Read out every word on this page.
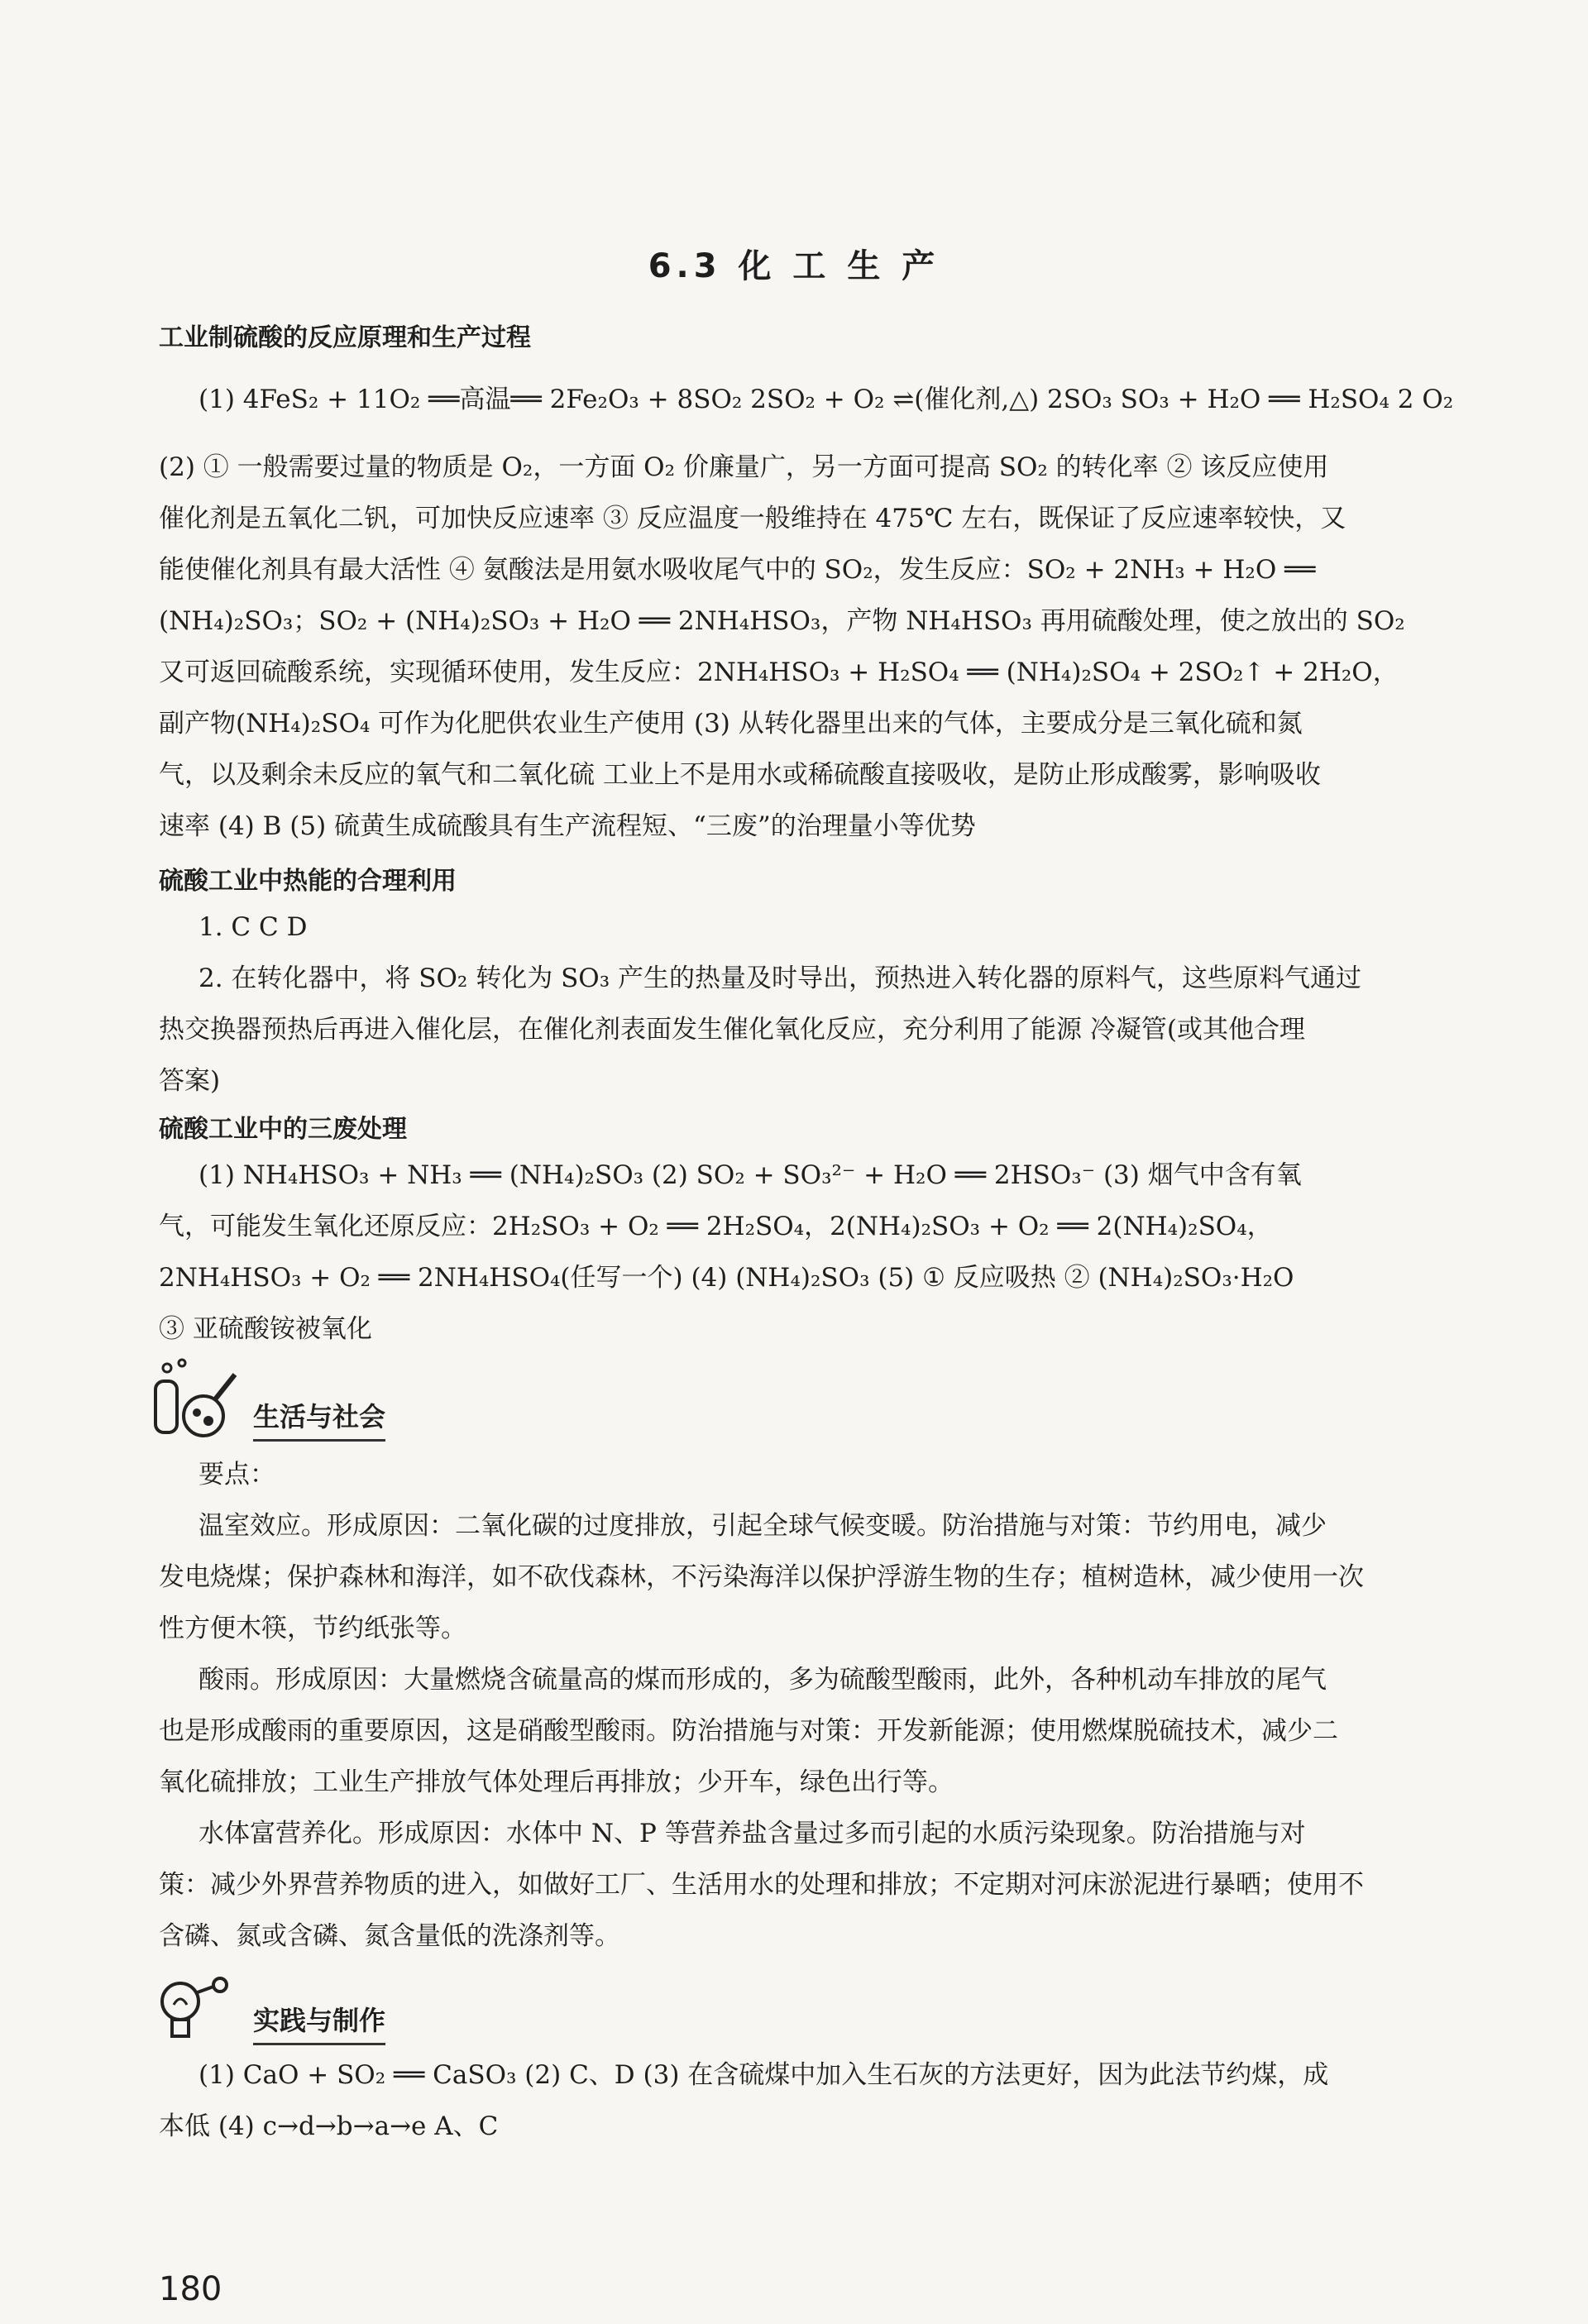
6.3 化 工 生 产
工业制硫酸的反应原理和生产过程
(1) 4FeS₂ + 11O₂ ══高温══ 2Fe₂O₃ + 8SO₂ 2SO₂ + O₂ ⇌(催化剂,△) 2SO₃ SO₃ + H₂O ══ H₂SO₄ 2 O₂
(2) ① 一般需要过量的物质是 O₂，一方面 O₂ 价廉量广，另一方面可提高 SO₂ 的转化率 ② 该反应使用
催化剂是五氧化二钒，可加快反应速率 ③ 反应温度一般维持在 475℃ 左右，既保证了反应速率较快，又
能使催化剂具有最大活性 ④ 氨酸法是用氨水吸收尾气中的 SO₂，发生反应：SO₂ + 2NH₃ + H₂O ══
(NH₄)₂SO₃；SO₂ + (NH₄)₂SO₃ + H₂O ══ 2NH₄HSO₃，产物 NH₄HSO₃ 再用硫酸处理，使之放出的 SO₂
又可返回硫酸系统，实现循环使用，发生反应：2NH₄HSO₃ + H₂SO₄ ══ (NH₄)₂SO₄ + 2SO₂↑ + 2H₂O，
副产物(NH₄)₂SO₄ 可作为化肥供农业生产使用 (3) 从转化器里出来的气体，主要成分是三氧化硫和氮
气，以及剩余未反应的氧气和二氧化硫 工业上不是用水或稀硫酸直接吸收，是防止形成酸雾，影响吸收
速率 (4) B (5) 硫黄生成硫酸具有生产流程短、“三废”的治理量小等优势
硫酸工业中热能的合理利用
1. C C D
2. 在转化器中，将 SO₂ 转化为 SO₃ 产生的热量及时导出，预热进入转化器的原料气，这些原料气通过
热交换器预热后再进入催化层，在催化剂表面发生催化氧化反应，充分利用了能源 冷凝管(或其他合理
答案)
硫酸工业中的三废处理
(1) NH₄HSO₃ + NH₃ ══ (NH₄)₂SO₃ (2) SO₂ + SO₃²⁻ + H₂O ══ 2HSO₃⁻ (3) 烟气中含有氧
气，可能发生氧化还原反应：2H₂SO₃ + O₂ ══ 2H₂SO₄，2(NH₄)₂SO₃ + O₂ ══ 2(NH₄)₂SO₄，
2NH₄HSO₃ + O₂ ══ 2NH₄HSO₄(任写一个) (4) (NH₄)₂SO₃ (5) ① 反应吸热 ② (NH₄)₂SO₃·H₂O
③ 亚硫酸铵被氧化
生活与社会
要点：
温室效应。形成原因：二氧化碳的过度排放，引起全球气候变暖。防治措施与对策：节约用电，减少
发电烧煤；保护森林和海洋，如不砍伐森林，不污染海洋以保护浮游生物的生存；植树造林，减少使用一次
性方便木筷，节约纸张等。
酸雨。形成原因：大量燃烧含硫量高的煤而形成的，多为硫酸型酸雨，此外，各种机动车排放的尾气
也是形成酸雨的重要原因，这是硝酸型酸雨。防治措施与对策：开发新能源；使用燃煤脱硫技术，减少二
氧化硫排放；工业生产排放气体处理后再排放；少开车，绿色出行等。
水体富营养化。形成原因：水体中 N、P 等营养盐含量过多而引起的水质污染现象。防治措施与对
策：减少外界营养物质的进入，如做好工厂、生活用水的处理和排放；不定期对河床淤泥进行暴晒；使用不
含磷、氮或含磷、氮含量低的洗涤剂等。
实践与制作
(1) CaO + SO₂ ══ CaSO₃ (2) C、D (3) 在含硫煤中加入生石灰的方法更好，因为此法节约煤，成
本低 (4) c→d→b→a→e A、C
180
